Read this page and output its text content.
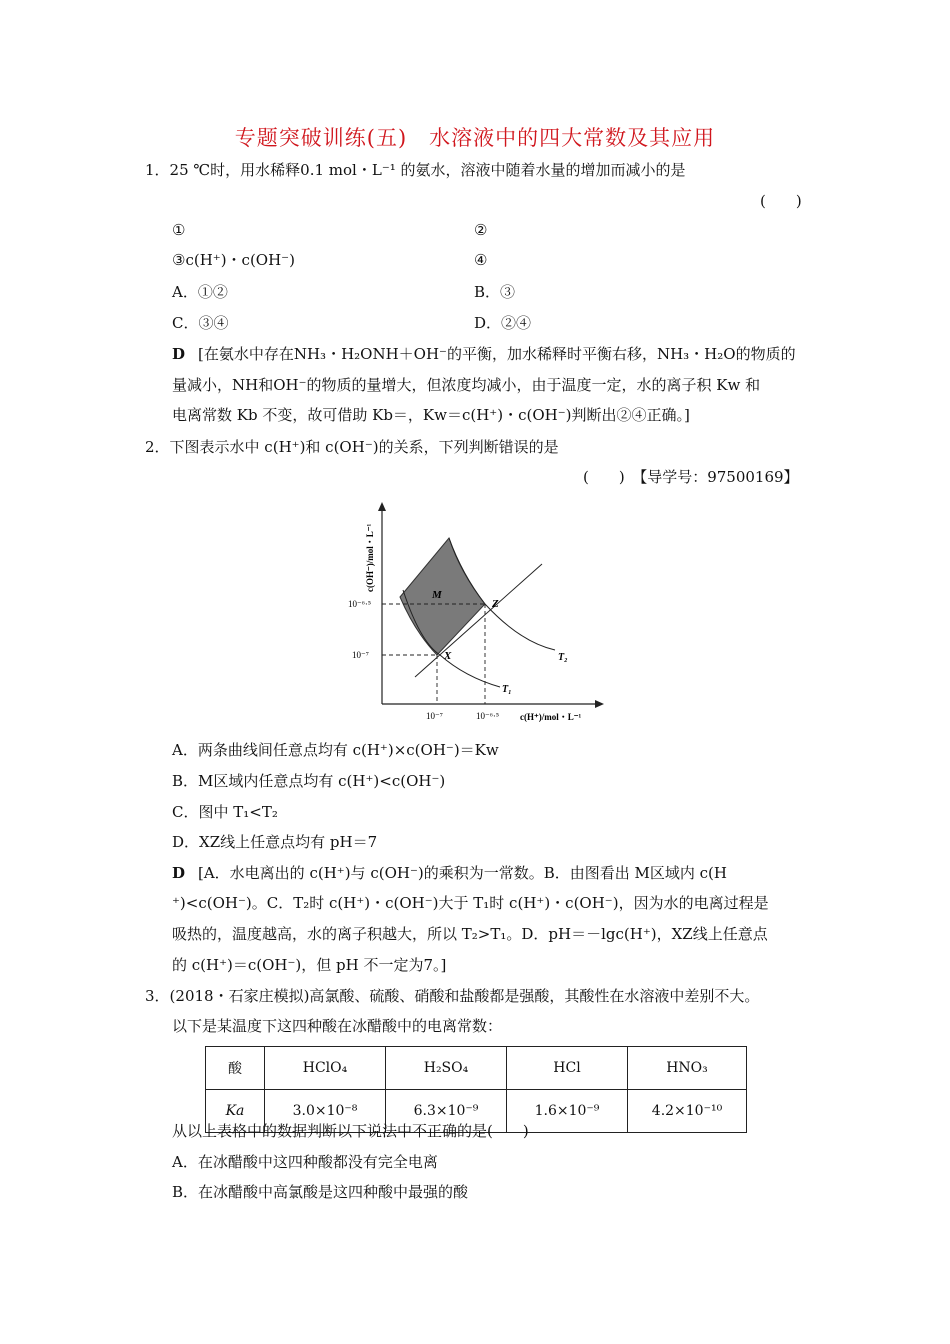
专题突破训练(五)　水溶液中的四大常数及其应用
1．25 ℃时，用水稀释0.1 mol・L⁻¹ 的氨水，溶液中随着水量的增加而减小的是
(　　)
①	②
③c(H⁺)・c(OH⁻)	④
A．①②	B．③
C．③④	D．②④
D [在氨水中存在NH₃・H₂ONH＋OH⁻的平衡，加水稀释时平衡右移，NH₃・H₂O的物质的
量减小，NH和OH⁻的物质的量增大，但浓度均减小，由于温度一定，水的离子积 Kw 和
电离常数 Kb 不变，故可借助 Kb＝，Kw＝c(H⁺)・c(OH⁻)判断出②④正确。]
2．下图表示水中 c(H⁺)和 c(OH⁻)的关系，下列判断错误的是
(　　)　【导学号：97500169】
M
Z
X	T₂
T₁
10⁻⁶·⁵
10⁻⁷
10⁻⁷	10⁻⁶·⁵ c(H⁺)/mol・L⁻¹
c(OH⁻)/mol・L⁻¹
A．两条曲线间任意点均有 c(H⁺)×c(OH⁻)＝Kw
B．M区域内任意点均有 c(H⁺)<c(OH⁻)
C．图中 T₁<T₂
D．XZ线上任意点均有 pH＝7
D [A．水电离出的 c(H⁺)与 c(OH⁻)的乘积为一常数。B．由图看出 M区域内 c(H
⁺)<c(OH⁻)。C．T₂时 c(H⁺)・c(OH⁻)大于 T₁时 c(H⁺)・c(OH⁻)，因为水的电离过程是
吸热的，温度越高，水的离子积越大，所以 T₂>T₁。D．pH＝－lgc(H⁺)，XZ线上任意点
的 c(H⁺)＝c(OH⁻)，但 pH 不一定为7。]
3．(2018・石家庄模拟)高氯酸、硫酸、硝酸和盐酸都是强酸，其酸性在水溶液中差别不大。
以下是某温度下这四种酸在冰醋酸中的电离常数：
酸	HClO₄	H₂SO₄	HCl	HNO₃
Ka	3.0×10⁻⁸	6.3×10⁻⁹	1.6×10⁻⁹	4.2×10⁻¹⁰
从以上表格中的数据判断以下说法中不正确的是(　　)
A．在冰醋酸中这四种酸都没有完全电离
B．在冰醋酸中高氯酸是这四种酸中最强的酸
